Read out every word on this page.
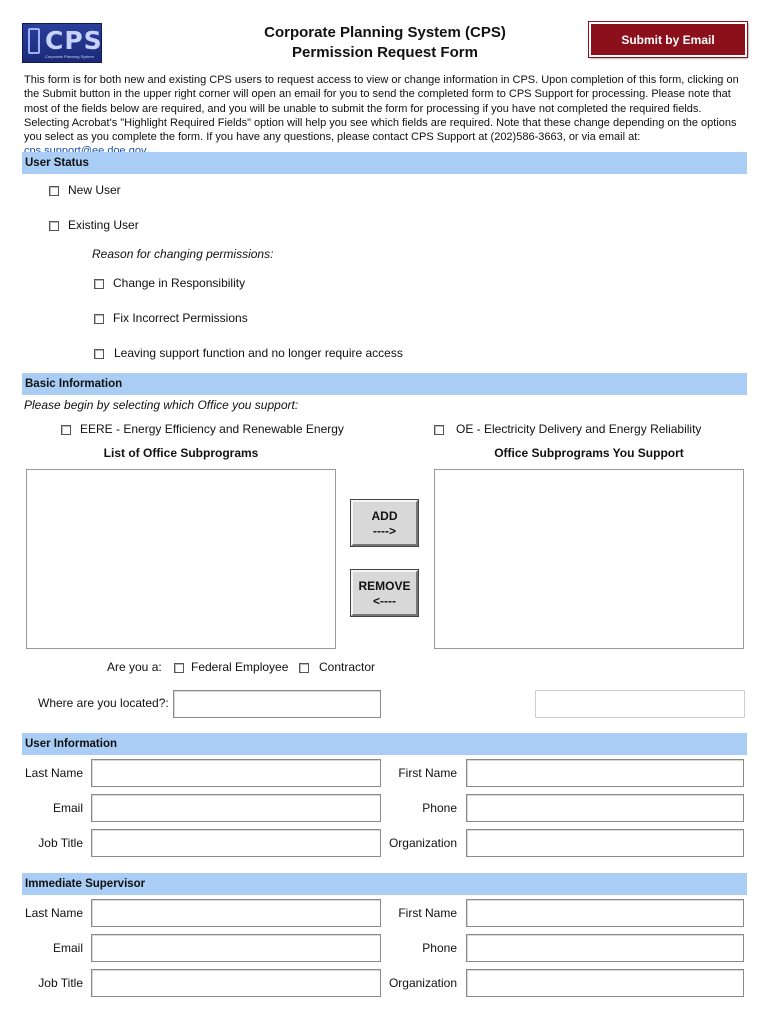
CPS
Corporate Planning System
Corporate Planning System (CPS)
Permission Request Form
Submit by Email
This form is for both new and existing CPS users to request access to view or change information in CPS. Upon completion of this form, clicking on the Submit button in the upper right corner will open an email for you to send the completed form to CPS Support for processing. Please note that most of the fields below are required, and you will be unable to submit the form for processing if you have not completed the required fields. Selecting Acrobat's "Highlight Required Fields" option will help you see which fields are required. Note that these change depending on the options you select as you complete the form. If you have any questions, please contact CPS Support at (202)586-3663, or via email at:
User Status
New User
Existing User
Reason for changing permissions:
Change in Responsibility
Fix Incorrect Permissions
Leaving support function and no longer require access
Basic Information
Please begin by selecting which Office you support:
EERE - Energy Efficiency and Renewable Energy	OE - Electricity Delivery and Energy Reliability
List of Office Subprograms	Office Subprograms You Support
ADD
---->
REMOVE
<----
Are you a: Federal Employee	Contractor
Where are you located?:
User Information
Last Name	First Name
Email	Phone
Job Title	Organization
Immediate Supervisor
Last Name	First Name
Email	Phone
Job Title	Organization
